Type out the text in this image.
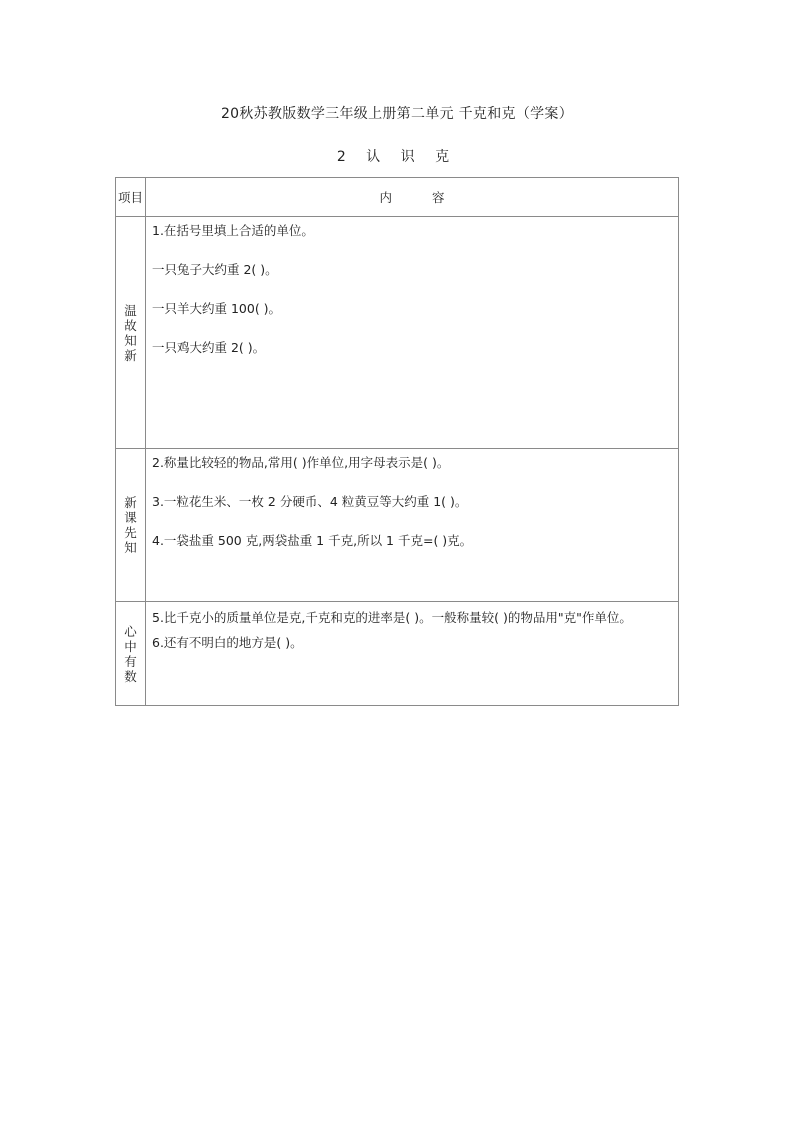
20秋苏教版数学三年级上册第二单元 千克和克（学案）
2 认 识 克
项目	内 容
温故知新	1.在括号里填上合适的单位。
一只兔子大约重 2( )。
一只羊大约重 100( )。
一只鸡大约重 2( )。

新课先知	2.称量比较轻的物品,常用( )作单位,用字母表示是( )。
3.一粒花生米、一枚 2 分硬币、4 粒黄豆等大约重 1( )。
4.一袋盐重 500 克,两袋盐重 1 千克,所以 1 千克=( )克。

心中有数	5.比千克小的质量单位是克,千克和克的进率是( )。一般称量较( )的物品用"克"作单位。
6.还有不明白的地方是( )。
